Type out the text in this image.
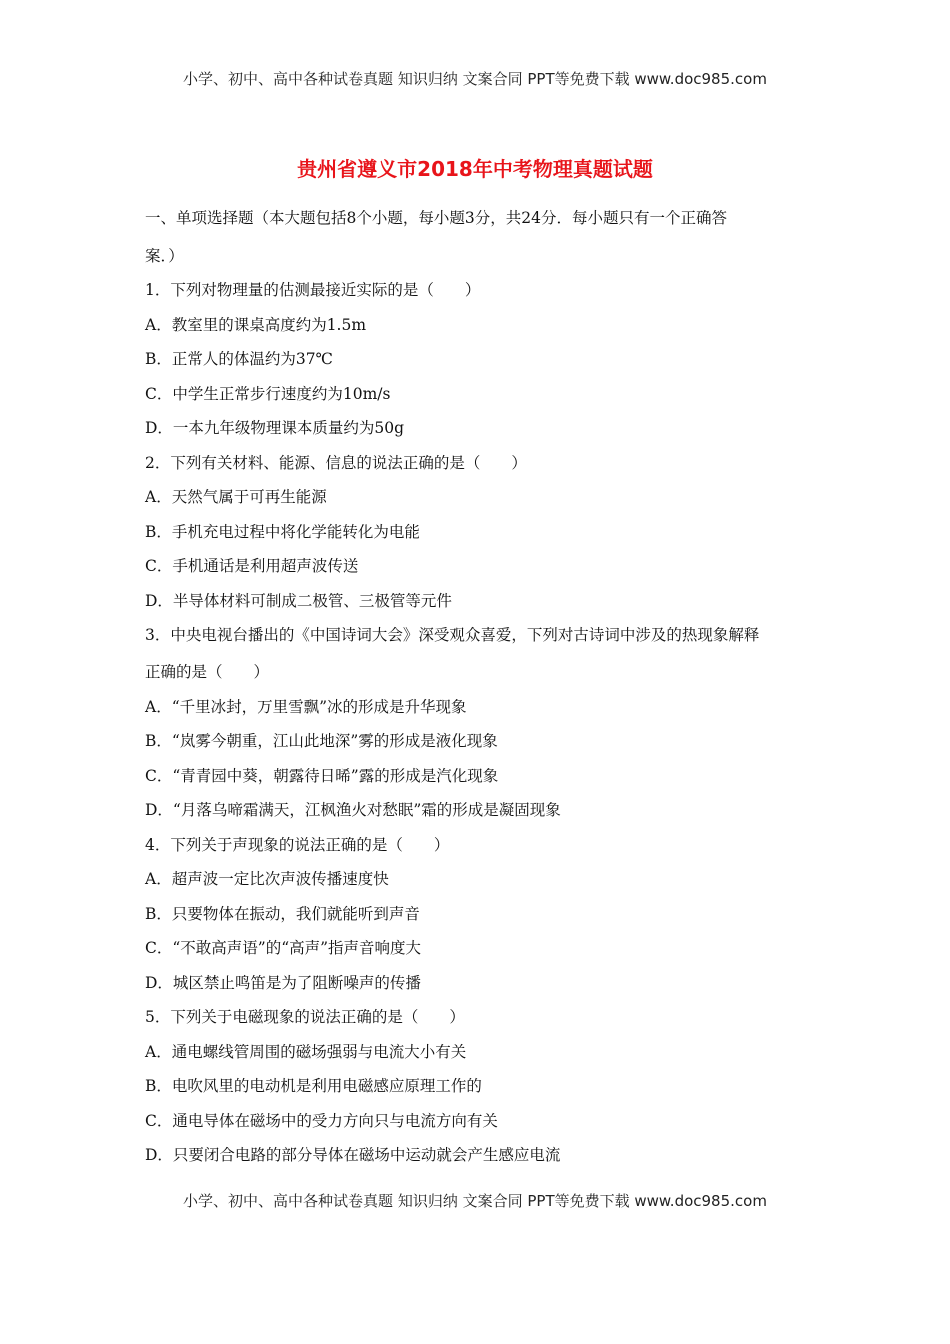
小学、初中、高中各种试卷真题 知识归纳 文案合同 PPT等免费下载 www.doc985.com
贵州省遵义市2018年中考物理真题试题
一、单项选择题（本大题包括8个小题，每小题3分，共24分．每小题只有一个正确答
案．）
1．下列对物理量的估测最接近实际的是（　　）
A．教室里的课桌高度约为1.5m
B．正常人的体温约为37℃
C．中学生正常步行速度约为10m/s
D．一本九年级物理课本质量约为50g
2．下列有关材料、能源、信息的说法正确的是（　　）
A．天然气属于可再生能源
B．手机充电过程中将化学能转化为电能
C．手机通话是利用超声波传送
D．半导体材料可制成二极管、三极管等元件
3．中央电视台播出的《中国诗词大会》深受观众喜爱，下列对古诗词中涉及的热现象解释
正确的是（　　）
A．“千里冰封，万里雪飘”冰的形成是升华现象
B．“岚雾今朝重，江山此地深”雾的形成是液化现象
C．“青青园中葵，朝露待日晞”露的形成是汽化现象
D．“月落乌啼霜满天，江枫渔火对愁眠”霜的形成是凝固现象
4．下列关于声现象的说法正确的是（　　）
A．超声波一定比次声波传播速度快
B．只要物体在振动，我们就能听到声音
C．“不敢高声语”的“高声”指声音响度大
D．城区禁止鸣笛是为了阻断噪声的传播
5．下列关于电磁现象的说法正确的是（　　）
A．通电螺线管周围的磁场强弱与电流大小有关
B．电吹风里的电动机是利用电磁感应原理工作的
C．通电导体在磁场中的受力方向只与电流方向有关
D．只要闭合电路的部分导体在磁场中运动就会产生感应电流
小学、初中、高中各种试卷真题 知识归纳 文案合同 PPT等免费下载 www.doc985.com
